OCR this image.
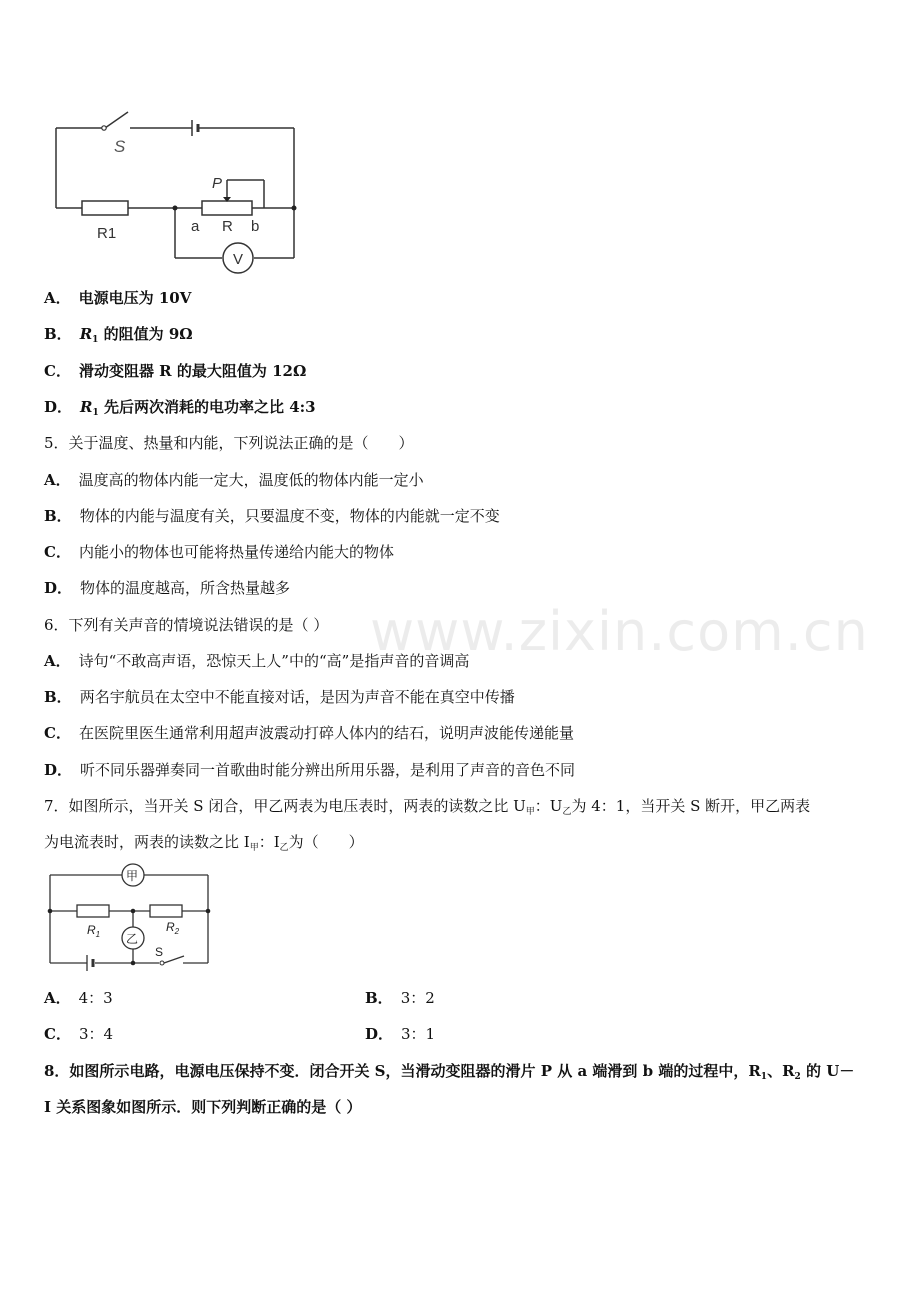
S
P
R1	a R b
V
A． 电源电压为 10V
B． $R_1$ 的阻值为 9Ω
C． 滑动变阻器 R 的最大阻值为 12Ω
D． $R_1$ 先后两次消耗的电功率之比 4:3
5．关于温度、热量和内能，下列说法正确的是（　　）
A． 温度高的物体内能一定大，温度低的物体内能一定小
B． 物体的内能与温度有关，只要温度不变，物体的内能就一定不变
C． 内能小的物体也可能将热量传递给内能大的物体
D． 物体的温度越高，所含热量越多
6．下列有关声音的情境说法错误的是（ ）
A． 诗句“不敢高声语，恐惊天上人”中的“高”是指声音的音调高
B． 两名宇航员在太空中不能直接对话，是因为声音不能在真空中传播
C． 在医院里医生通常利用超声波震动打碎人体内的结石，说明声波能传递能量
D． 听不同乐器弹奏同一首歌曲时能分辨出所用乐器，是利用了声音的音色不同
7．如图所示，当开关 S 闭合，甲乙两表为电压表时，两表的读数之比 $U_甲$：$U_乙$为 4：1，当开关 S 断开，甲乙两表
为电流表时，两表的读数之比 $I_甲$：$I_乙$为（　　）
甲
乙
$R_1$
$R_2$
S
A． 4：3	B． 3：2
C． 3：4	D． 3：1
8．如图所示电路，电源电压保持不变．闭合开关 S，当滑动变阻器的滑片 P 从 a 端滑到 b 端的过程中，$R_1$、$R_2$ 的 U－
I 关系图象如图所示．则下列判断正确的是（ ）
www.zixin.com.cn
